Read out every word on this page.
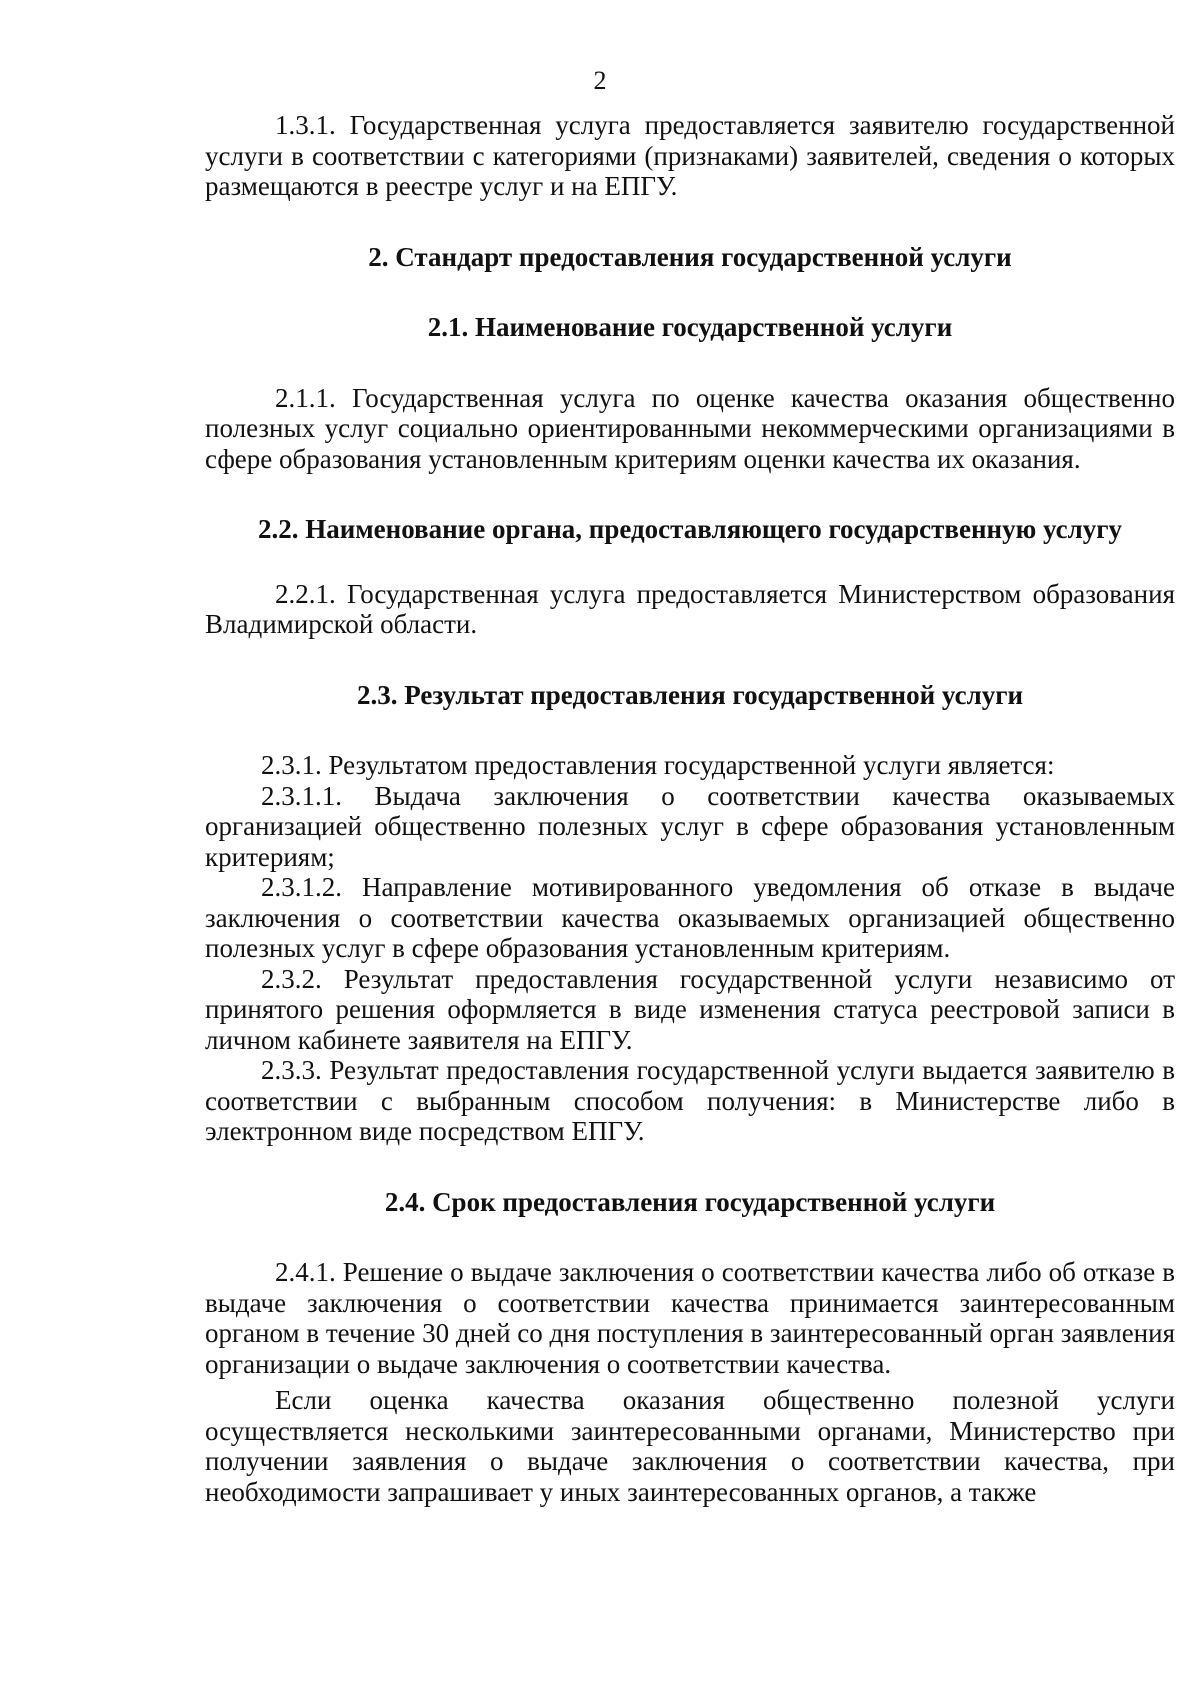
2

1.3.1. Государственная услуга предоставляется заявителю государственной услуги в соответствии с категориями (признаками) заявителей, сведения о которых размещаются в реестре услуг и на ЕПГУ.

2. Стандарт предоставления государственной услуги
2.1. Наименование государственной услуги

2.1.1. Государственная услуга по оценке качества оказания общественно полезных услуг социально ориентированными некоммерческими организациями в сфере образования установленным критериям оценки качества их оказания.

2.2. Наименование органа, предоставляющего государственную услугу

2.2.1. Государственная услуга предоставляется Министерством образования Владимирской области.

2.3. Результат предоставления государственной услуги

2.3.1. Результатом предоставления государственной услуги является:

2.3.1.1. Выдача заключения о соответствии качества оказываемых организацией общественно полезных услуг в сфере образования установленным критериям;

2.3.1.2. Направление мотивированного уведомления об отказе в выдаче заключения о соответствии качества оказываемых организацией общественно полезных услуг в сфере образования установленным критериям.

2.3.2. Результат предоставления государственной услуги независимо от принятого решения оформляется в виде изменения статуса реестровой записи в личном кабинете заявителя на ЕПГУ.

2.3.3. Результат предоставления государственной услуги выдается заявителю в соответствии с выбранным способом получения: в Министерстве либо в электронном виде посредством ЕПГУ.

2.4. Срок предоставления государственной услуги

2.4.1. Решение о выдаче заключения о соответствии качества либо об отказе в выдаче заключения о соответствии качества принимается заинтересованным органом в течение 30 дней со дня поступления в заинтересованный орган заявления организации о выдаче заключения о соответствии качества.

Если оценка качества оказания общественно полезной услуги осуществляется несколькими заинтересованными органами, Министерство при получении заявления о выдаче заключения о соответствии качества, при необходимости запрашивает у иных заинтересованных органов, а также
